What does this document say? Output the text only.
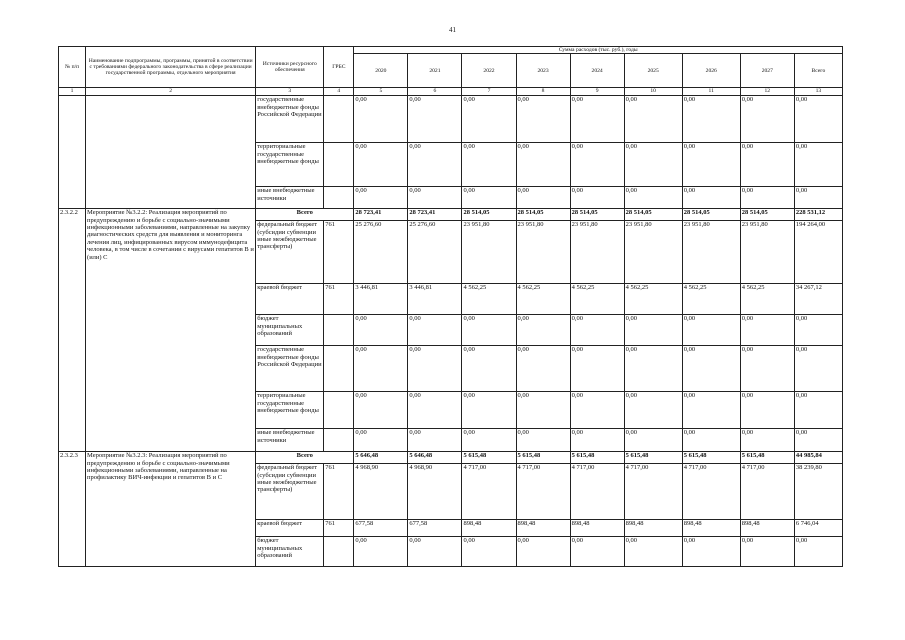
41
№ п/п	Наименование подпрограммы, программы, принятой в соответствии с требованиями федерального законодательства в сфере реализации государственной программы, отдельного мероприятия	Источники ресурсного обеспечения	ГРБС	Сумма расходов (тыс. руб.), годы								
				2020	2021	2022	2023	2024	2025	2026	2027	Всего
1	2	3	4	5	6	7	8	9	10	11	12	13
		государственные внебюджетные фонды Российской Федерации		0,00	0,00	0,00	0,00	0,00	0,00	0,00	0,00	0,00
		территориальные государственные внебюджетные фонды		0,00	0,00	0,00	0,00	0,00	0,00	0,00	0,00	0,00
		иные внебюджетные источники		0,00	0,00	0,00	0,00	0,00	0,00	0,00	0,00	0,00
2.3.2.2	Мероприятие №3.2.2: Реализация мероприятий по предупреждению и борьбе с социально-значимыми инфекционными заболеваниями, направленные на закупку диагностических средств для выявления и мониторинга лечения лиц, инфицированных вирусом иммунодефицита человека, в том числе в сочетании с вирусами гепатитов В и (или) С	Всего		28 723,41	28 723,41	28 514,05	28 514,05	28 514,05	28 514,05	28 514,05	28 514,05	228 531,12
		федеральный бюджет (субсидии субвенции иные межбюджетные трансферты)	761	25 276,60	25 276,60	23 951,80	23 951,80	23 951,80	23 951,80	23 951,80	23 951,80	194 264,00
		краевой бюджет	761	3 446,81	3 446,81	4 562,25	4 562,25	4 562,25	4 562,25	4 562,25	4 562,25	34 267,12
		бюджет муниципальных образований		0,00	0,00	0,00	0,00	0,00	0,00	0,00	0,00	0,00
		государственные внебюджетные фонды Российской Федерации		0,00	0,00	0,00	0,00	0,00	0,00	0,00	0,00	0,00
		территориальные государственные внебюджетные фонды		0,00	0,00	0,00	0,00	0,00	0,00	0,00	0,00	0,00
		иные внебюджетные источники		0,00	0,00	0,00	0,00	0,00	0,00	0,00	0,00	0,00
2.3.2.3	Мероприятие №3.2.3: Реализация мероприятий по предупреждению и борьбе с социально-значимыми инфекционными заболеваниями, направленные на профилактику ВИЧ-инфекции и гепатитов В и С	Всего		5 646,48	5 646,48	5 615,48	5 615,48	5 615,48	5 615,48	5 615,48	5 615,48	44 985,84
		федеральный бюджет (субсидии субвенции иные межбюджетные трансферты)	761	4 968,90	4 968,90	4 717,00	4 717,00	4 717,00	4 717,00	4 717,00	4 717,00	38 239,80
		краевой бюджет	761	677,58	677,58	898,48	898,48	898,48	898,48	898,48	898,48	6 746,04
		бюджет муниципальных образований		0,00	0,00	0,00	0,00	0,00	0,00	0,00	0,00	0,00
